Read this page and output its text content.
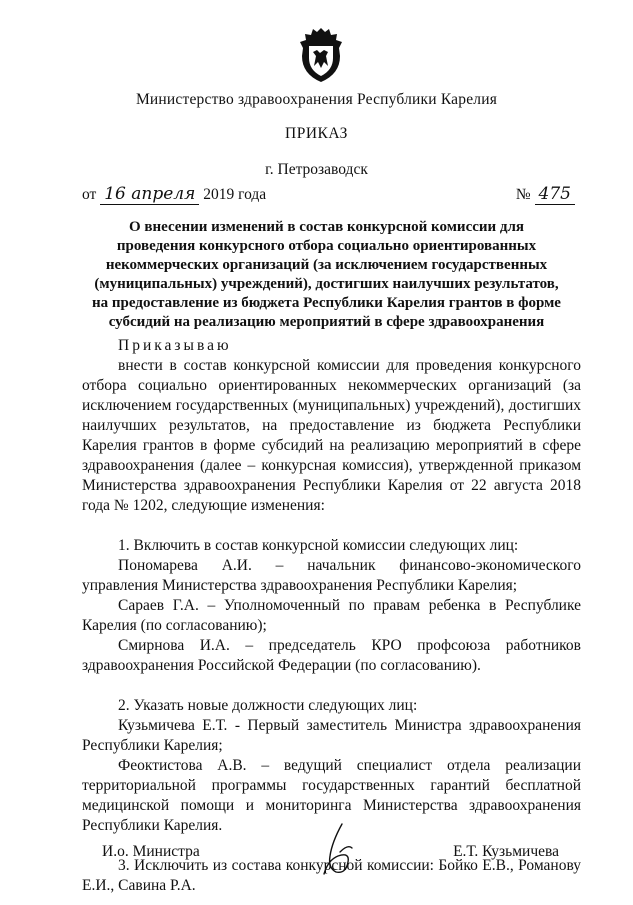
Министерство здравоохранения Республики Карелия
ПРИКАЗ
г. Петрозаводск
от 16 апреля 2019 года	№ 475
О внесении изменений в состав конкурсной комиссии для проведения конкурсного отбора социально ориентированных некоммерческих организаций (за исключением государственных (муниципальных) учреждений), достигших наилучших результатов, на предоставление из бюджета Республики Карелия грантов в форме субсидий на реализацию мероприятий в сфере здравоохранения

Приказываю

внести в состав конкурсной комиссии для проведения конкурсного отбора социально ориентированных некоммерческих организаций (за исключением государственных (муниципальных) учреждений), достигших наилучших результатов, на предоставление из бюджета Республики Карелия грантов в форме субсидий на реализацию мероприятий в сфере здравоохранения (далее – конкурсная комиссия), утвержденной приказом Министерства здравоохранения Республики Карелия от 22 августа 2018 года № 1202, следующие изменения:

1. Включить в состав конкурсной комиссии следующих лиц:

Пономарева А.И. – начальник финансово-экономического управления Министерства здравоохранения Республики Карелия;

Сараев Г.А. – Уполномоченный по правам ребенка в Республике Карелия (по согласованию);

Смирнова И.А. – председатель КРО профсоюза работников здравоохранения Российской Федерации (по согласованию).

2. Указать новые должности следующих лиц:

Кузьмичева Е.Т. - Первый заместитель Министра здравоохранения Республики Карелия;

Феоктистова А.В. – ведущий специалист отдела реализации территориальной программы государственных гарантий бесплатной медицинской помощи и мониторинга Министерства здравоохранения Республики Карелия.

3. Исключить из состава конкурсной комиссии: Бойко Е.В., Романову Е.И., Савина Р.А.

И.о. Министра	Е.Т. Кузьмичева
